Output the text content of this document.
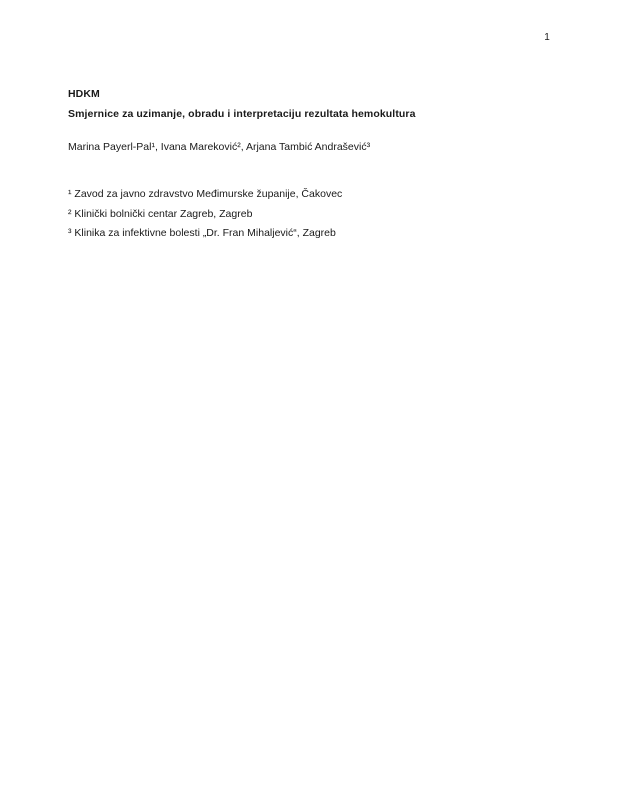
1

HDKM

Smjernice za uzimanje, obradu i interpretaciju rezultata hemokultura

Marina Payerl-Pal¹, Ivana Mareković², Arjana Tambić Andrašević³

¹ Zavod za javno zdravstvo Međimurske županije, Čakovec

² Klinički bolnički centar Zagreb, Zagreb

³ Klinika za infektivne bolesti „Dr. Fran Mihaljević“, Zagreb
